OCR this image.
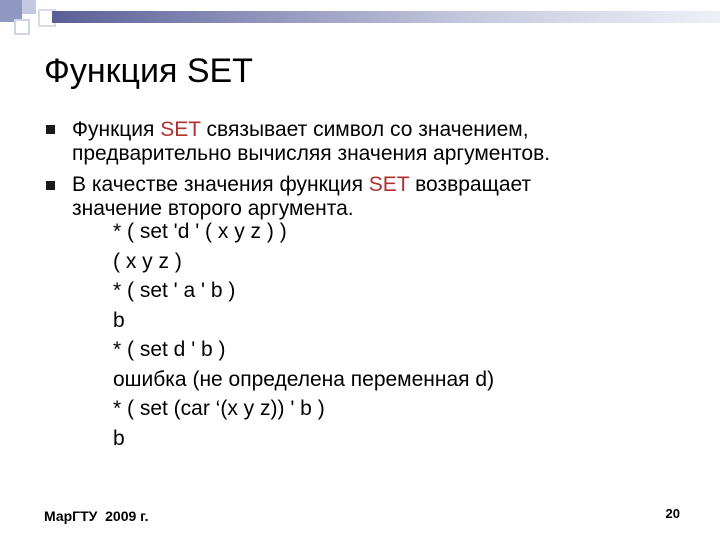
Функция SET
Функция SET связывает символ со значением,
предварительно вычисляя значения аргументов.
В качестве значения функция SET возвращает
значение второго аргумента.
* ( set 'd ' ( x y z ) )
( x y z )
* ( set ' a ' b )
b
* ( set d ' b )
ошибка (не определена переменная d)
* ( set (car ‘(x y z)) ' b )
b
МарГТУ  2009 г.	20
